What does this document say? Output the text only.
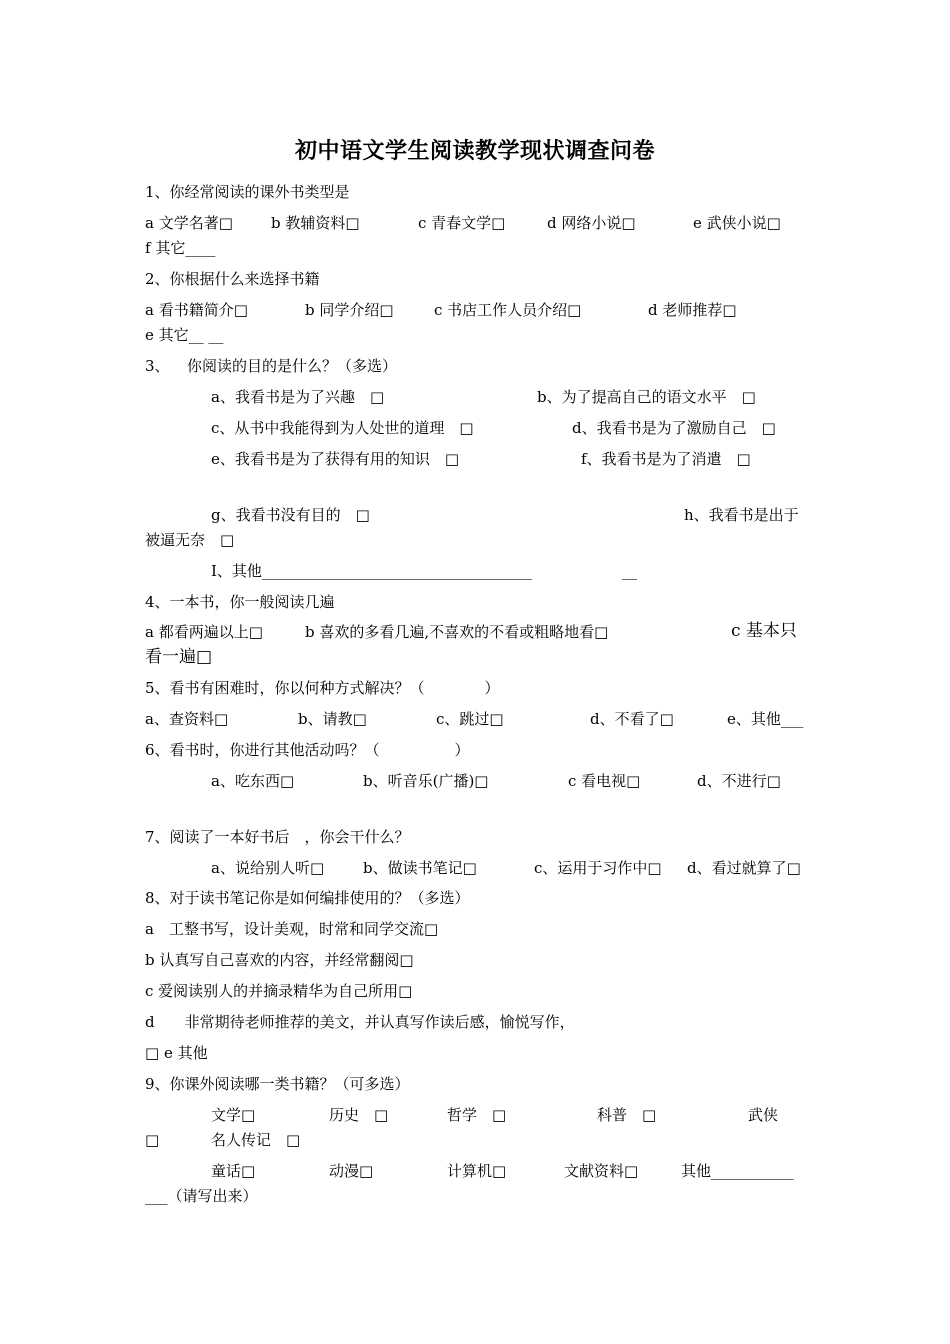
初中语文学生阅读教学现状调查问卷
1、你经常阅读的课外书类型是
a 文学名著□	b 教辅资料□	c 青春文学□	d 网络小说□	e 武侠小说□
f 其它____
2、你根据什么来选择书籍
a 看书籍简介□	b 同学介绍□	c 书店工作人员介绍□	d 老师推荐□
e 其它__ __
3、 你阅读的目的是什么？（多选）
a、我看书是为了兴趣　□	b、为了提高自己的语文水平　□
c、从书中我能得到为人处世的道理　□	d、我看书是为了激励自己　□
e、我看书是为了获得有用的知识　□	f、我看书是为了消遣　□
g、我看书没有目的　□	h、我看书是出于
被逼无奈　□
I、其他____________________________________	__
4、一本书，你一般阅读几遍
a 都看两遍以上□	b 喜欢的多看几遍,不喜欢的不看或粗略地看□	c 基本只
看一遍□
5、看书有困难时，你以何种方式解决？（　　　　）
a、查资料□	b、请教□	c、跳过□	d、不看了□	e、其他___
6、看书时，你进行其他活动吗？（　　　　　）
a、吃东西□	b、听音乐(广播)□	c 看电视□	d、不进行□
7、阅读了一本好书后　，你会干什么？
a、说给别人听□	b、做读书笔记□	c、运用于习作中□ d、看过就算了□
8、对于读书笔记你是如何编排使用的？（多选）
a　工整书写，设计美观，时常和同学交流□
b 认真写自己喜欢的内容，并经常翻阅□
c 爱阅读别人的并摘录精华为自己所用□
d　　非常期待老师推荐的美文，并认真写作读后感，愉悦写作，
□ e 其他
9、你课外阅读哪一类书籍？（可多选）
文学□	历史　□	哲学　□	科普　□	武侠
□	名人传记　□
童话□	动漫□	计算机□	文献资料□	其他___________
___（请写出来）
